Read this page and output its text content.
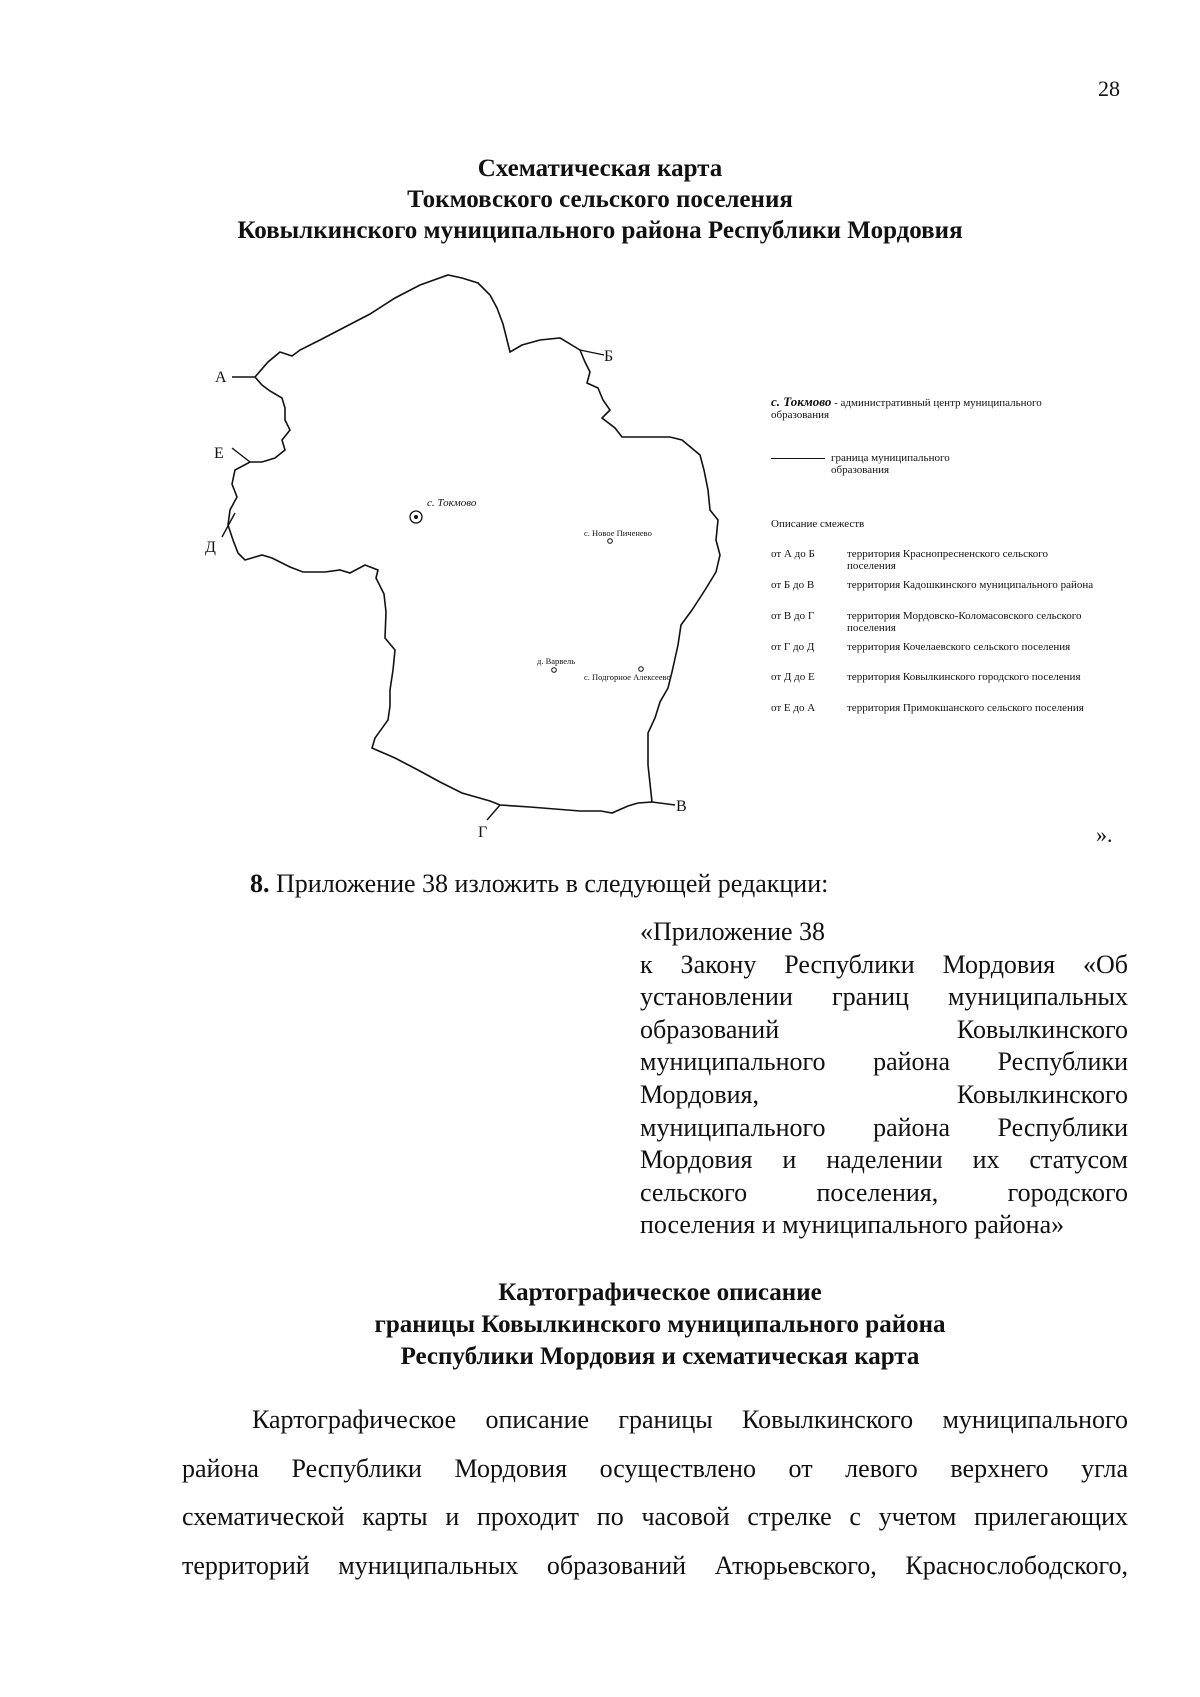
28
Схематическая карта
Токмовского сельского поселения
Ковылкинского муниципального района Республики Мордовия
А
Б
В
Г
Д
Е
с. Токмово
с. Новое Пиченево
д. Варвель
с. Подгорное Алексеево
с. Токмово - административный центр муниципального образования
граница муниципального образования
Описание смежеств
от А до Б	территория Краснопресненского сельского поселения
от Б до В	территория Кадошкинского муниципального района
от В до Г	территория Мордовско-Коломасовского сельского поселения
от Г до Д	территория Кочелаевского сельского поселения
от Д до Е	территория Ковылкинского городского поселения
от Е до А	территория Примокшанского сельского поселения
».
8. Приложение 38 изложить в следующей редакции:
«Приложение 38
к Закону Республики Мордовия «Об
установлении границ муниципальных
образований Ковылкинского
муниципального района Республики
Мордовия, Ковылкинского
муниципального района Республики
Мордовия и наделении их статусом
сельского поселения, городского
поселения и муниципального района»
Картографическое описание
границы Ковылкинского муниципального района
Республики Мордовия и схематическая карта
Картографическое описание границы Ковылкинского муниципального
района Республики Мордовия осуществлено от левого верхнего угла
схематической карты и проходит по часовой стрелке с учетом прилегающих
территорий муниципальных образований Атюрьевского, Краснослободского,
